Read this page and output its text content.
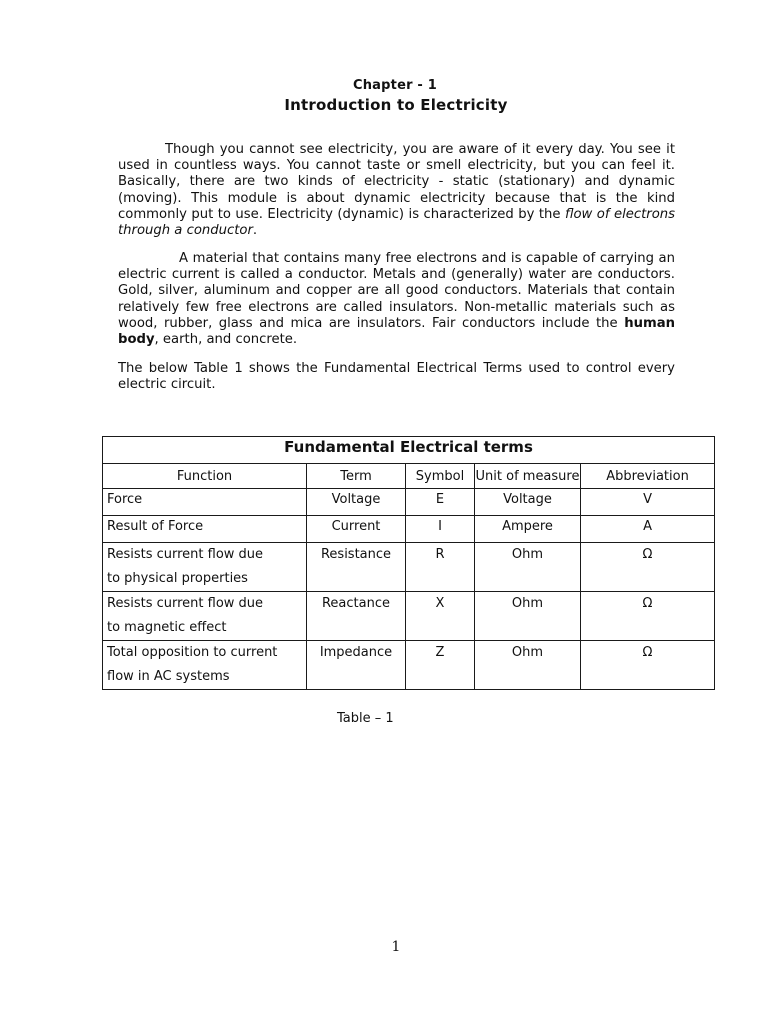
Chapter - 1
Introduction to Electricity

Though you cannot see electricity, you are aware of it every day. You see it used in countless ways. You cannot taste or smell electricity, but you can feel it. Basically, there are two kinds of electricity - static (stationary) and dynamic (moving). This module is about dynamic electricity because that is the kind commonly put to use. Electricity (dynamic) is characterized by the flow of electrons through a conductor.

A material that contains many free electrons and is capable of carrying an electric current is called a conductor. Metals and (generally) water are conductors. Gold, silver, aluminum and copper are all good conductors. Materials that contain relatively few free electrons are called insulators. Non-metallic materials such as wood, rubber, glass and mica are insulators. Fair conductors include the human body, earth, and concrete.

The below Table 1 shows the Fundamental Electrical Terms used to control every electric circuit.

Fundamental Electrical terms				
Function	Term	Symbol	Unit of measure	Abbreviation
Force	Voltage	E	Voltage	V
Result of Force	Current	I	Ampere	A

Resists current flow due
to physical properties	Resistance	R	Ohm	Ω

Resists current flow due
to magnetic effect	Reactance	X	Ohm	Ω

Total opposition to current
flow in AC systems	Impedance	Z	Ohm	Ω
Table – 1
1
